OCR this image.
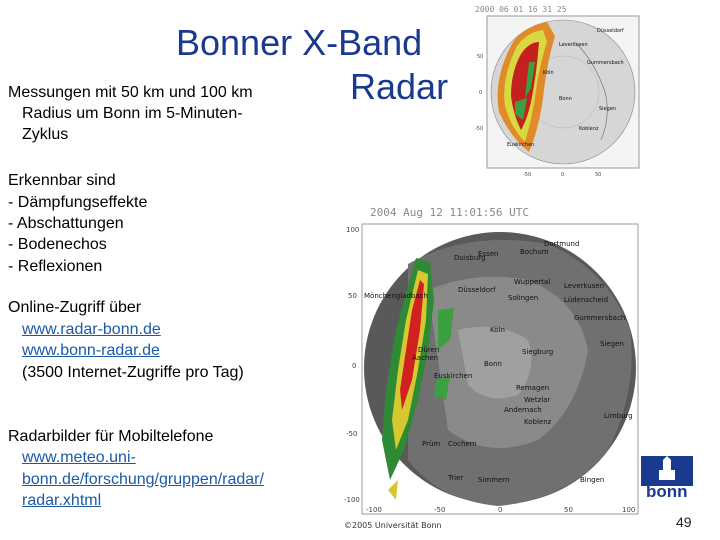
Bonner X-Band
Radar
Messungen mit 50 km und 100 km
Radius um Bonn im 5-Minuten-
Zyklus
Erkennbar sind
- Dämpfungseffekte
- Abschattungen
- Bodenechos
- Reflexionen
Online-Zugriff über
www.radar-bonn.de
www.bonn-radar.de
(3500 Internet-Zugriffe pro Tag)
Radarbilder für Mobiltelefone
www.meteo.uni-
bonn.de/forschung/gruppen/radar/
radar.xhtml
2000 06 01 16 31 25
Düsseldorf
Leverkusen
Köln
Bonn
Siegen
Koblenz
Gummersbach
Euskirchen
-50	0	50
50
0
-50
2004 Aug 12 11:01:56 UTC
Duisburg
Essen	Bochum
Dortmund
Mönchengladbach
Düsseldorf
Wuppertal Leverkusen
Solingen
Köln
Lüdenscheid
Gummersbach
Aachen
Düren
Bonn
Siegburg
Siegen
Euskirchen
Remagen
Wetzlar
Andernach
Koblenz
Limburg
Prüm Cochem
Trier Simmern	Bingen
100
50
0
-50
-100
-100	-50	0	50	100
©2005 Universität Bonn
bonn
49
